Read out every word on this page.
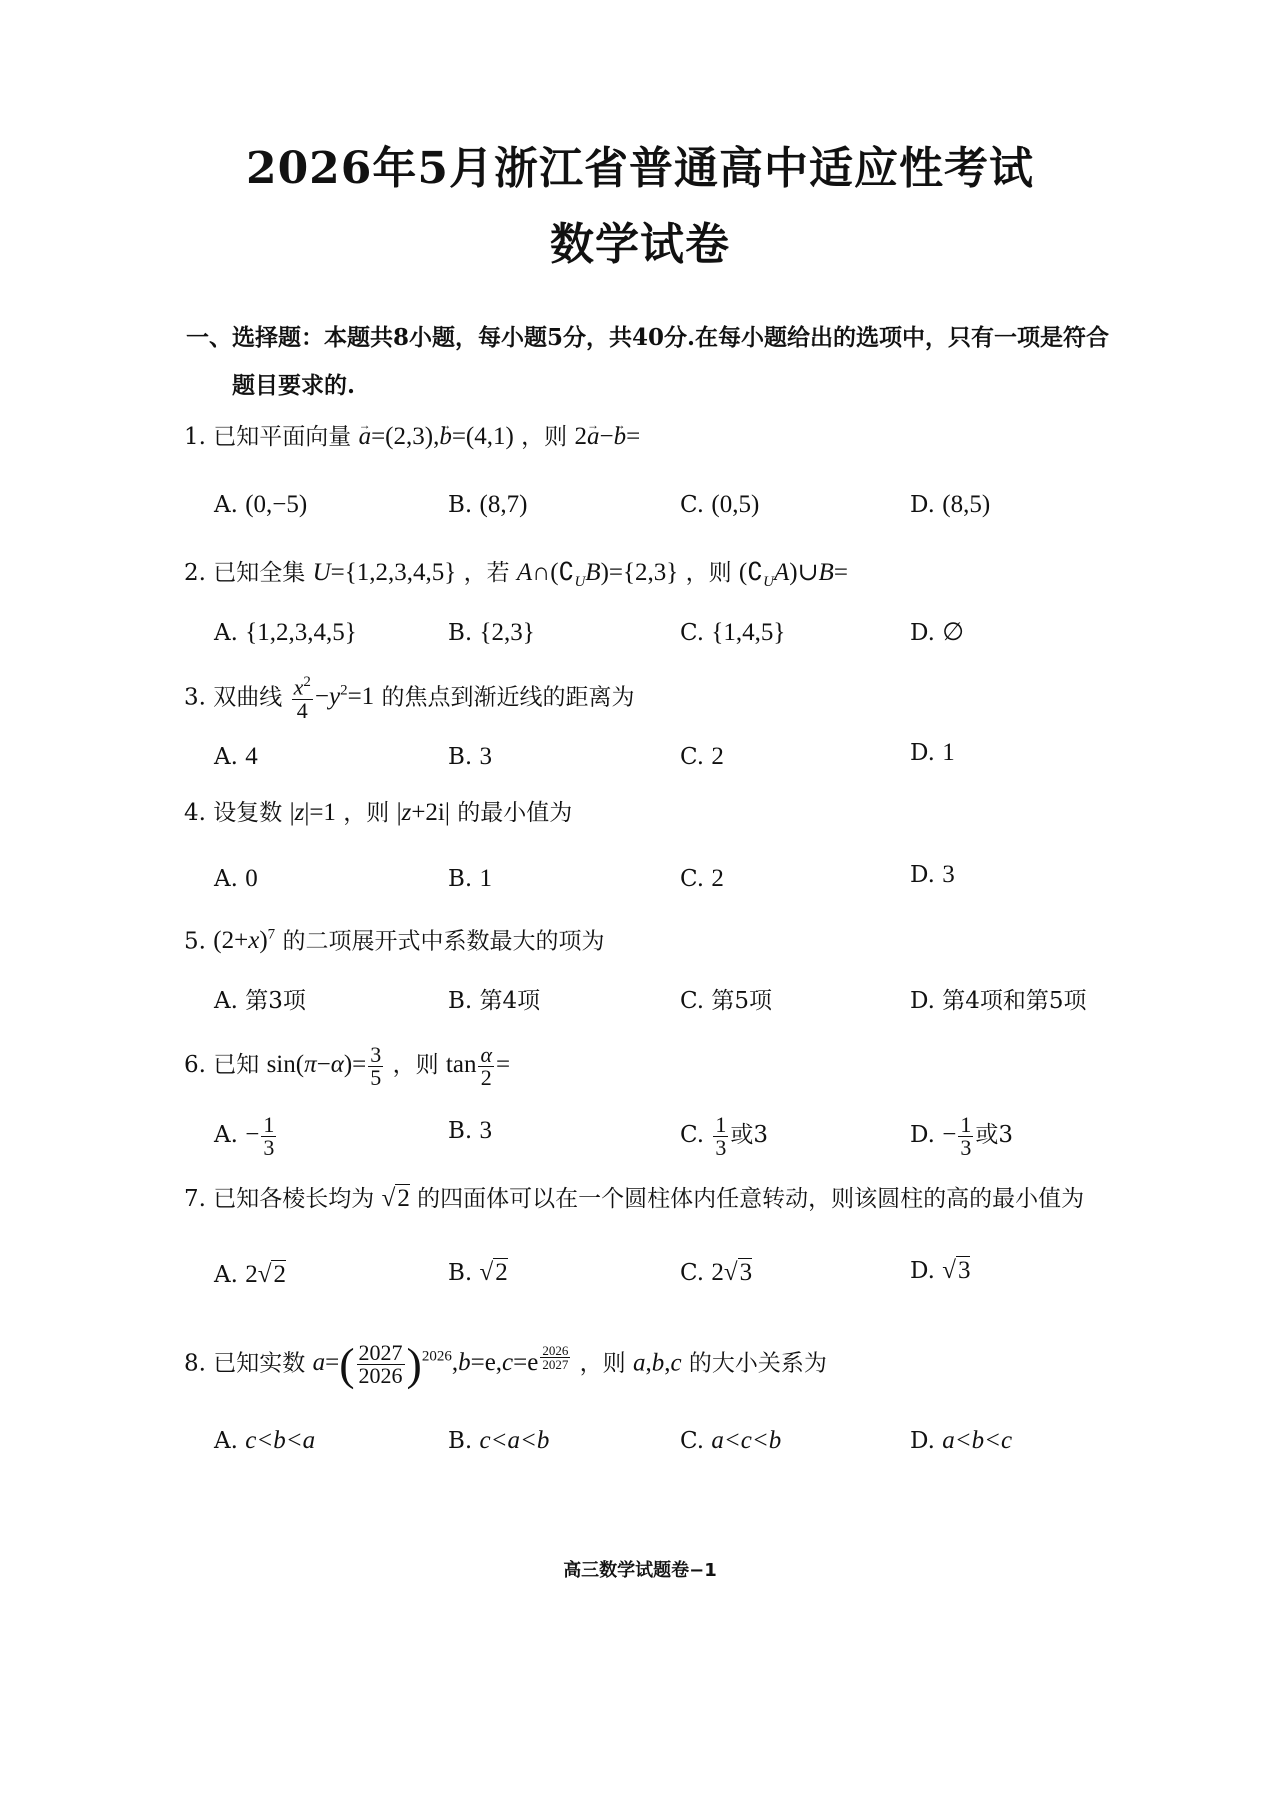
2026年5月浙江省普通高中适应性考试
数学试卷
一、选择题：本题共8小题，每小题5分，共40分.在每小题给出的选项中，只有一项是符合
题目要求的.
1. 已知平面向量 → a=(2,3),→ b=(4,1) ，则 2→ a−→ b=
A. (0,−5)	B. (8,7)	C. (0,5)	D. (8,5)
2. 已知全集 U={1,2,3,4,5} ，若 $A\cap(∁_UB)=\{2,3\}$ ，则 $(∁_UA)\cup B=$
A. {1,2,3,4,5}	B. {2,3}	C. {1,4,5}	D. ∅
3. 双曲线 $\frac{x^2}{4} -y^2=1$ 的焦点到渐近线的距离为
A. 4	B. 3	C. 2	D. 1
4. 设复数 |z|=1 ，则 |z+2i| 的最小值为
A. 0	B. 1	C. 2	D. 3
5. $(2+x)^7$ 的二项展开式中系数最大的项为
A. 第3项	B. 第4项	C. 第5项	D. 第4项和第5项
6. 已知 $\sin(\pi-\alpha)= \frac{3}{5}$ ，则 $\tan \frac{\alpha}{2}$ =
A. − $\frac{1}{3}$	B. 3	C. $\frac{1}{3}$ 或3	D. − $\frac{1}{3}$ 或3
7. 已知各棱长均为 √2 的四面体可以在一个圆柱体内任意转动，则该圆柱的高的最小值为
A. 2√2	B. √2	C. 2√3	D. √3
8. 已知实数 $a=( \frac{2027}{2026} )^{2026},b=e,c=e$ $^{\frac{2026}{2027}}$ ，则 a,b,c 的大小关系为
A. c<b<a	B. c<a<b	C. a<c<b	D. a<b<c
高三数学试题卷−1
